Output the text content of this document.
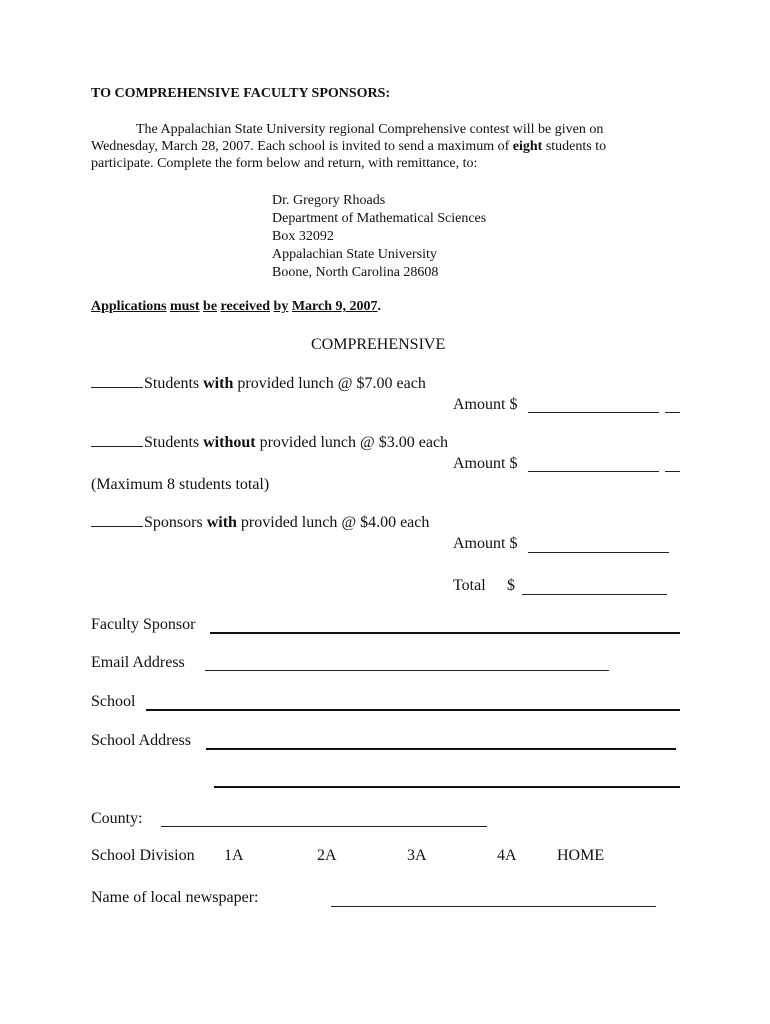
TO COMPREHENSIVE FACULTY SPONSORS:
The Appalachian State University regional Comprehensive contest will be given on
Wednesday, March 28, 2007. Each school is invited to send a maximum of eight students to
participate. Complete the form below and return, with remittance, to:
Dr. Gregory Rhoads
Department of Mathematical Sciences
Box 32092
Appalachian State University
Boone, North Carolina 28608
Applications must be received by March 9, 2007.
COMPREHENSIVE
Students with provided lunch @ $7.00 each
Amount $
Students without provided lunch @ $3.00 each
Amount $
(Maximum 8 students total)
Sponsors with provided lunch @ $4.00 each
Amount $
Total $
Faculty Sponsor
Email Address
School
School Address
County:
School Division 1A	2A	3A	4A	HOME
Name of local newspaper:
